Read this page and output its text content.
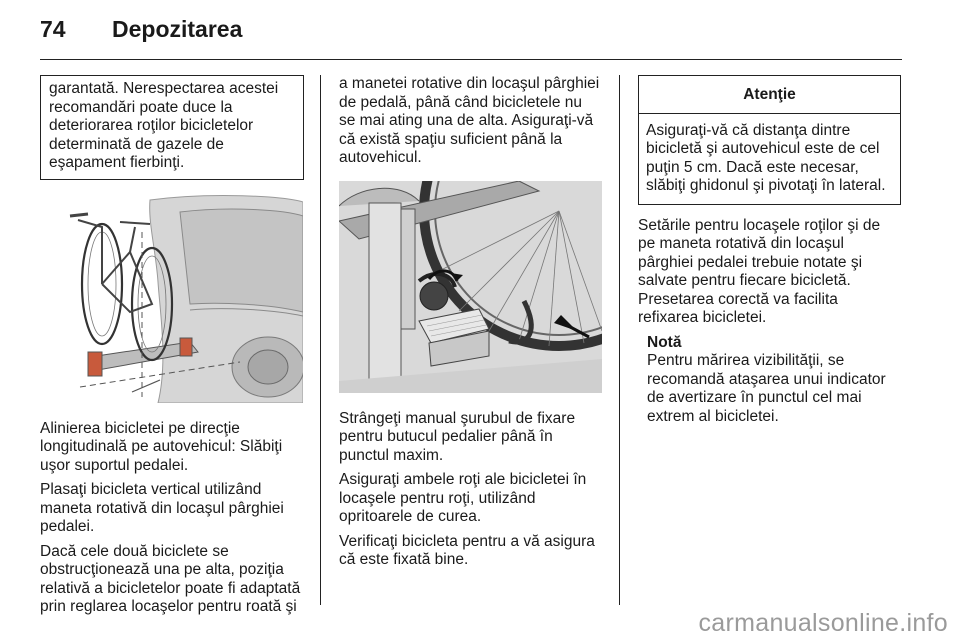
74	Depozitarea
garantată. Nerespectarea acestei recomandări poate duce la deteriorarea roţilor bicicletelor determinată de gazele de eşapament fierbinţi.

Alinierea bicicletei pe direcţie longitudinală pe autovehicul: Slăbiţi uşor suportul pedalei.

Plasaţi bicicleta vertical utilizând maneta rotativă din locaşul pârghiei pedalei.

Dacă cele două biciclete se obstrucţionează una pe alta, poziţia relativă a bicicletelor poate fi adaptată prin reglarea locaşelor pentru roată şi

a manetei rotative din locaşul pârghiei de pedală, până când bicicletele nu se mai ating una de alta. Asiguraţi-vă că există spaţiu suficient până la autovehicul.

Strângeţi manual şurubul de fixare pentru butucul pedalier până în punctul maxim.

Asiguraţi ambele roţi ale bicicletei în locaşele pentru roţi, utilizând opritoarele de curea.

Verificaţi bicicleta pentru a vă asigura că este fixată bine.

Atenţie
Asiguraţi-vă că distanţa dintre bicicletă şi autovehicul este de cel puţin 5 cm. Dacă este necesar, slăbiţi ghidonul şi pivotaţi în lateral.

Setările pentru locaşele roţilor şi de pe maneta rotativă din locaşul pârghiei pedalei trebuie notate şi salvate pentru fiecare bicicletă. Presetarea corectă va facilita refixarea bicicletei.

Notă
Pentru mărirea vizibilităţii, se recomandă ataşarea unui indicator de avertizare în punctul cel mai extrem al bicicletei.
carmanualsonline.info
